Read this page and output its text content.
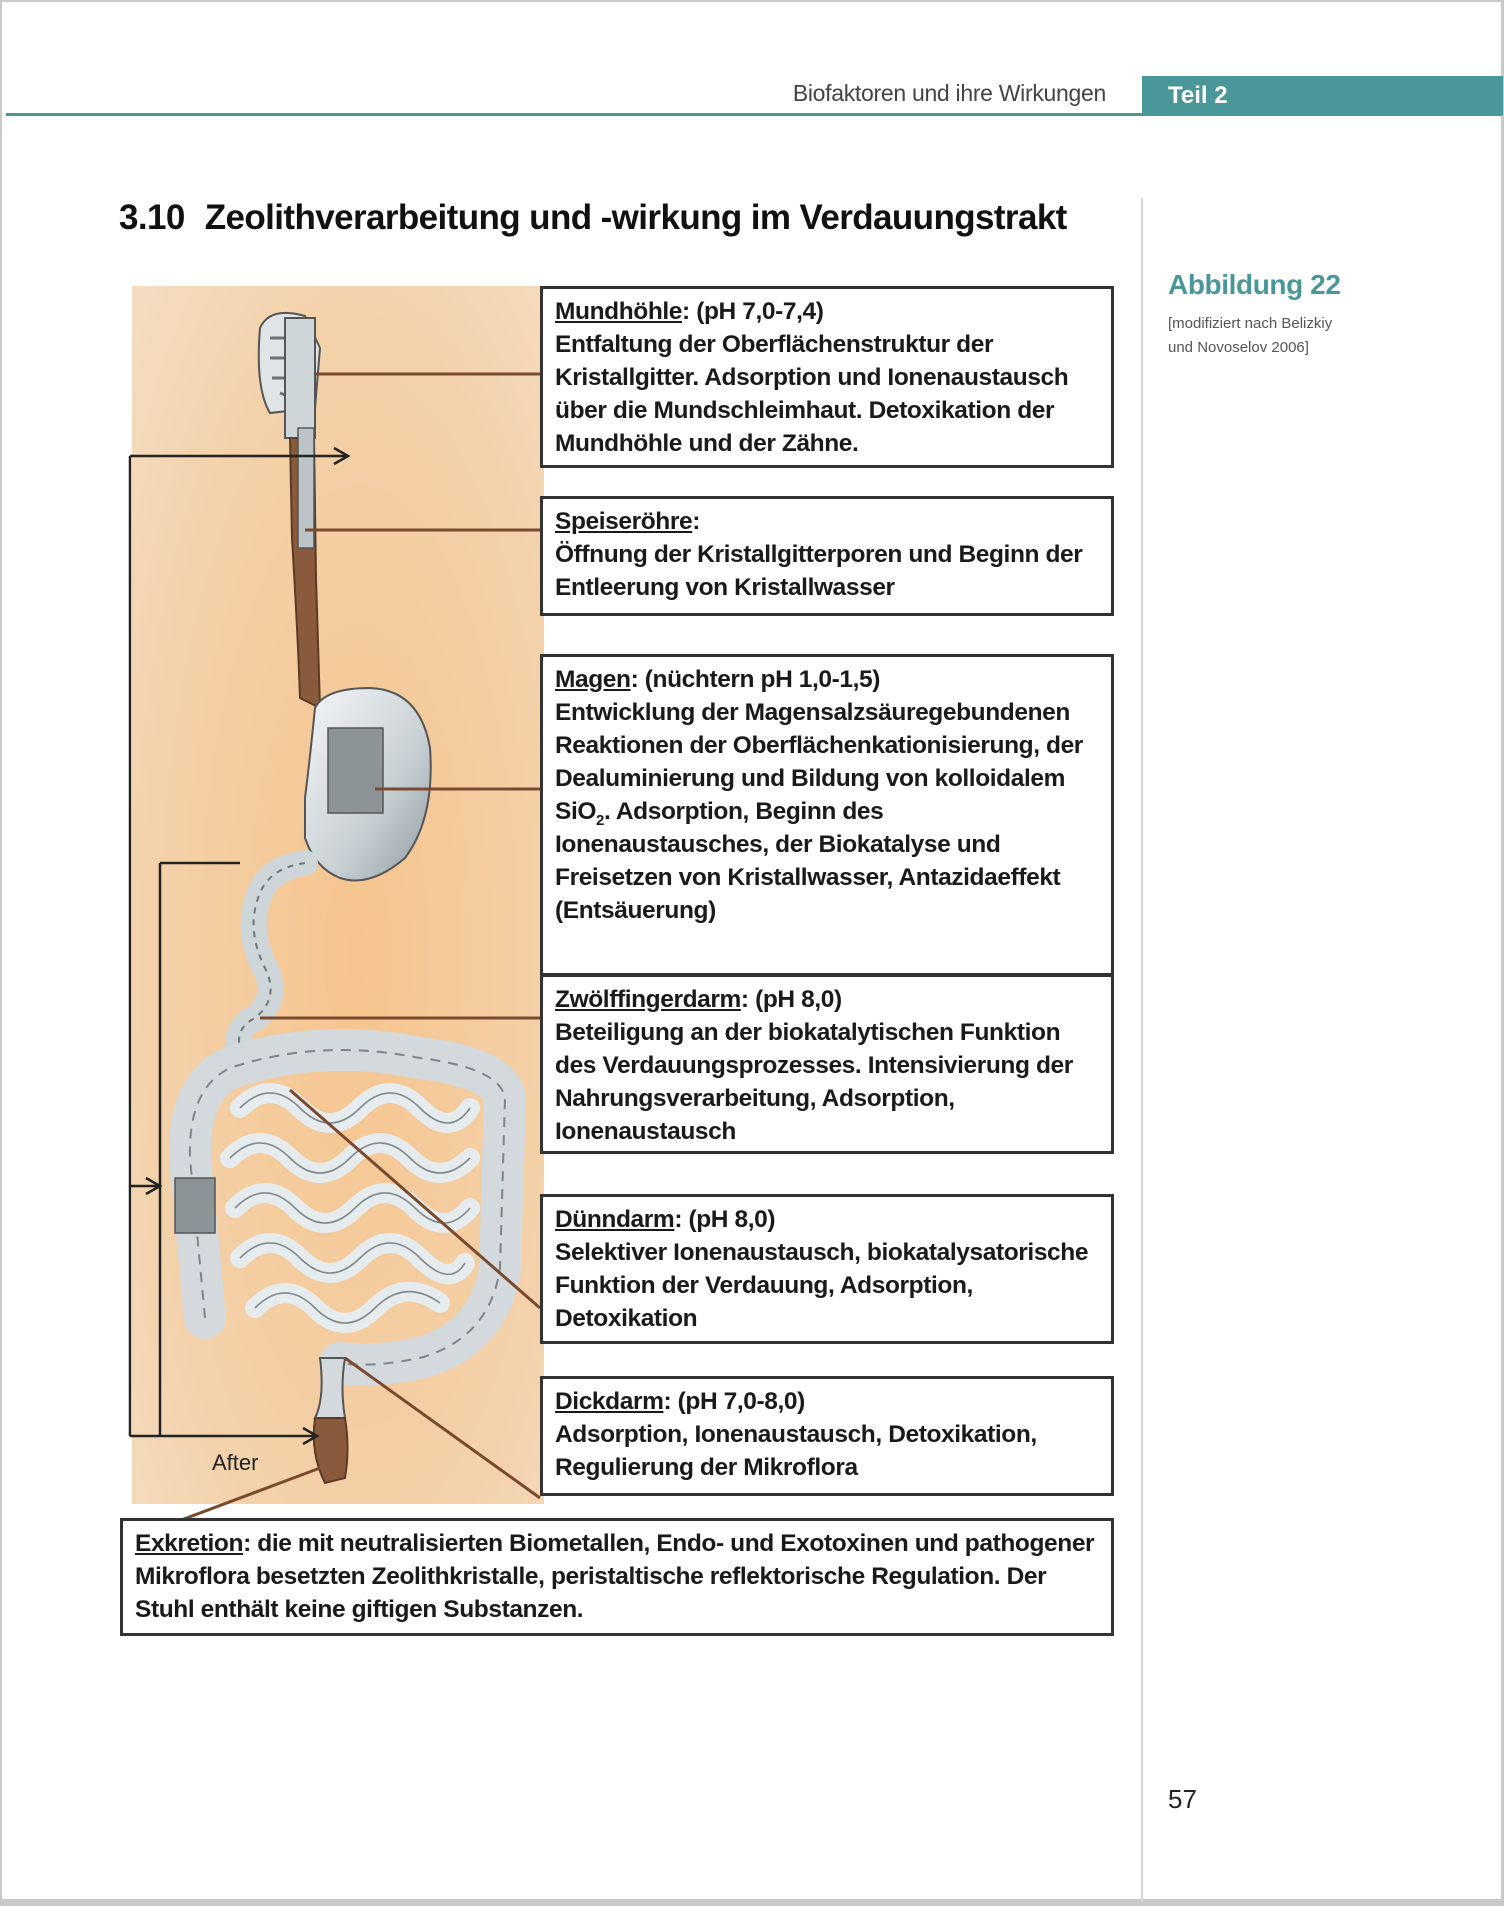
Biofaktoren und ihre Wirkungen	Teil 2
3.10 Zeolithverarbeitung und -wirkung im Verdauungstrakt
Abbildung 22
[modifiziert nach Belizkiy und Novoselov 2006]
After

Mundhöhle: (pH 7,0-7,4)

Entfaltung der Oberflächenstruktur der Kristallgitter. Adsorption und Ionenaustausch über die Mundschleimhaut. Detoxikation der Mundhöhle und der Zähne.

Speiseröhre:

Öffnung der Kristallgitterporen und Beginn der Entleerung von Kristallwasser

Magen: (nüchtern pH 1,0-1,5)

Entwicklung der Magensalzsäuregebundenen Reaktionen der Oberflächenkationisierung, der Dealuminierung und Bildung von kolloidalem SiO$_2$. Adsorption, Beginn des Ionenaustausches, der Biokatalyse und Freisetzen von Kristallwasser, Antazidaeffekt (Entsäuerung)

Zwölffingerdarm: (pH 8,0)

Beteiligung an der biokatalytischen Funktion des Verdauungsprozesses. Intensivierung der Nahrungsverarbeitung, Adsorption, Ionenaustausch

Dünndarm: (pH 8,0)

Selektiver Ionenaustausch, biokatalysatorische Funktion der Verdauung, Adsorption, Detoxikation

Dickdarm: (pH 7,0-8,0)

Adsorption, Ionenaustausch, Detoxikation, Regulierung der Mikroflora

Exkretion: die mit neutralisierten Biometallen, Endo- und Exotoxinen und pathogener Mikroflora besetzten Zeolithkristalle, peristaltische reflektorische Regulation. Der Stuhl enthält keine giftigen Substanzen.

57
